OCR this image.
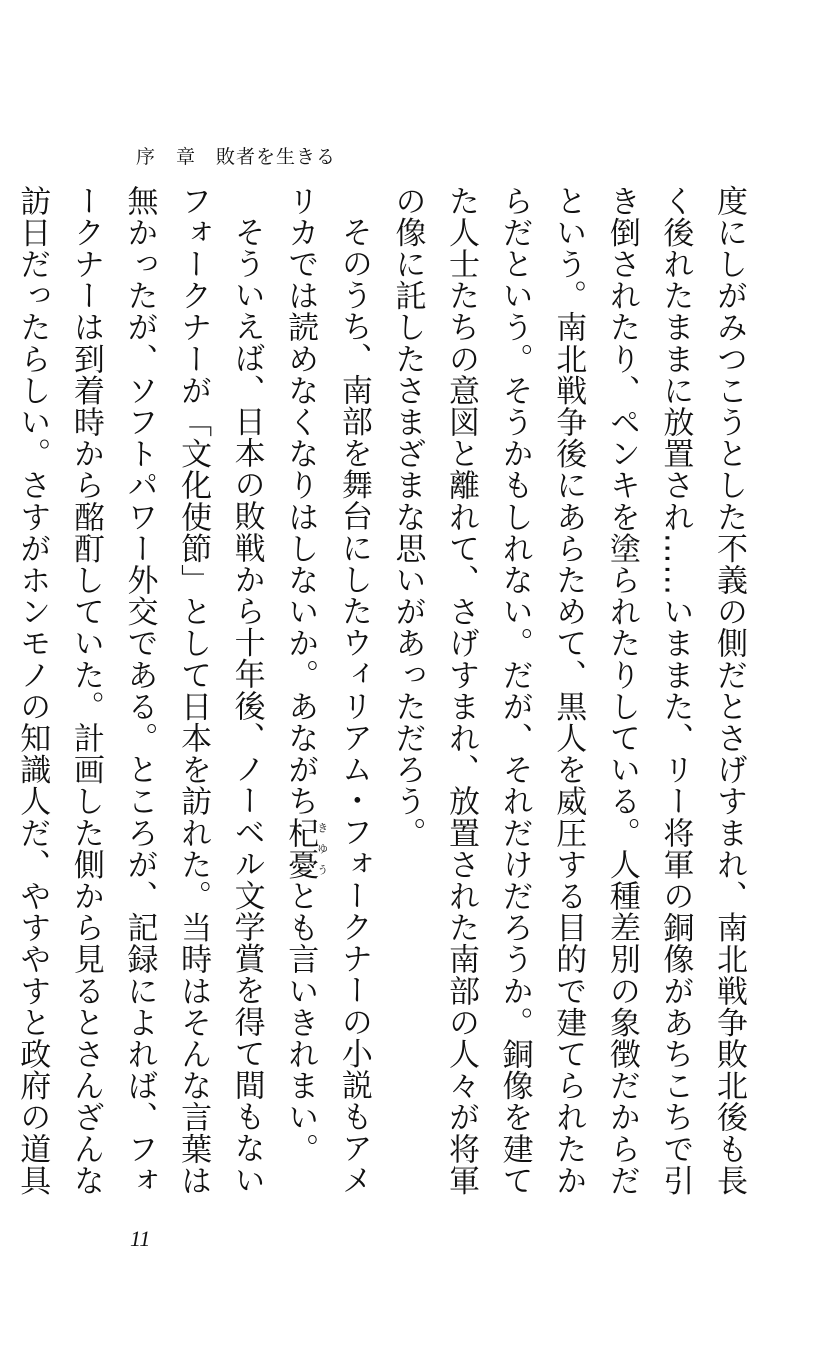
序　章　敗者を生きる

度にしがみつこうとした不義の側だとさげすまれ、南北戦争敗北後も長く後れたままに放置され……いままた、リー将軍の銅像があちこちで引き倒されたり、ペンキを塗られたりしている。人種差別の象徴だからだという。南北戦争後にあらためて、黒人を威圧する目的で建てられたからだという。そうかもしれない。だが、それだけだろうか。銅像を建てた人士たちの意図と離れて、さげすまれ、放置された南部の人々が将軍の像に託したさまざまな思いがあっただろう。

そのうち、南部を舞台にしたウィリアム・フォークナーの小説もアメリカでは読めなくなりはしないか。あながち杞憂きゆうとも言いきれまい。

そういえば、日本の敗戦から十年後、ノーベル文学賞を得て間もないフォークナーが「文化使節」として日本を訪れた。当時はそんな言葉は無かったが、ソフトパワー外交である。ところが、記録によれば、フォークナーは到着時から酩酊していた。計画した側から見るとさんざんな訪日だったらしい。さすがホンモノの知識人だ、やすやすと政府の道具

11
